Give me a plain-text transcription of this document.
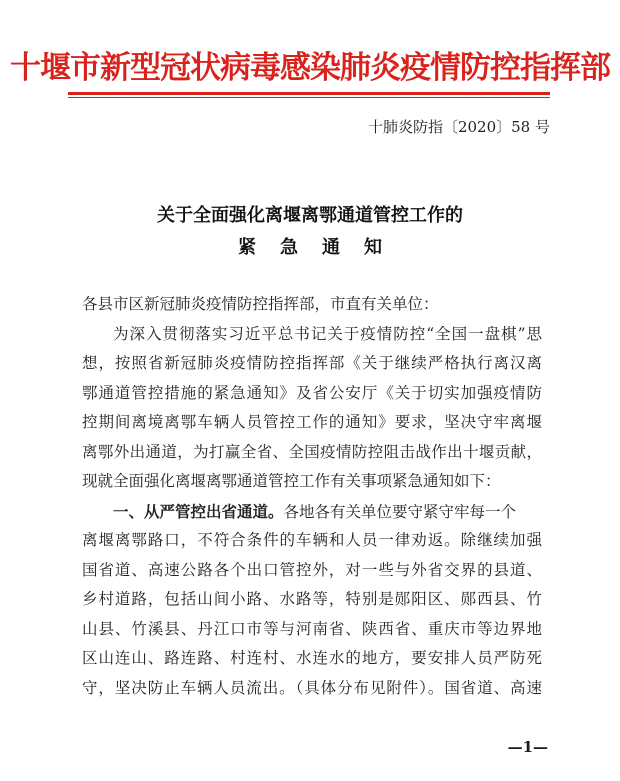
十堰市新型冠状病毒感染肺炎疫情防控指挥部
十肺炎防指〔2020〕58 号
关于全面强化离堰离鄂通道管控工作的
紧急通知
各县市区新冠肺炎疫情防控指挥部，市直有关单位：
为深入贯彻落实习近平总书记关于疫情防控“全国一盘棋”思
想，按照省新冠肺炎疫情防控指挥部《关于继续严格执行离汉离
鄂通道管控措施的紧急通知》及省公安厅《关于切实加强疫情防
控期间离境离鄂车辆人员管控工作的通知》要求，坚决守牢离堰
离鄂外出通道，为打赢全省、全国疫情防控阻击战作出十堰贡献，
现就全面强化离堰离鄂通道管控工作有关事项紧急通知如下：
一、从严管控出省通道。各地各有关单位要守紧守牢每一个
离堰离鄂路口，不符合条件的车辆和人员一律劝返。除继续加强
国省道、高速公路各个出口管控外，对一些与外省交界的县道、
乡村道路，包括山间小路、水路等，特别是郧阳区、郧西县、竹
山县、竹溪县、丹江口市等与河南省、陕西省、重庆市等边界地
区山连山、路连路、村连村、水连水的地方，要安排人员严防死
守，坚决防止车辆人员流出。（具体分布见附件）。国省道、高速
—1—
